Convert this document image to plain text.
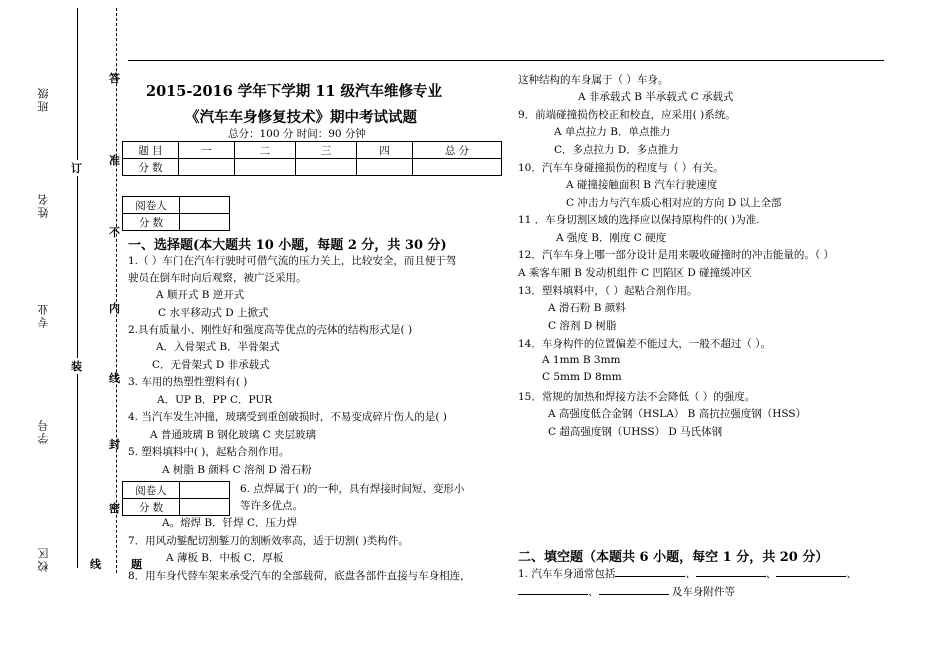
班级
姓名
专业
学号
校区
订
装
线
答
准
不
内
线
封
密
题
2015-2016 学年下学期 11 级汽车维修专业
《汽车车身修复技术》期中考试试题
总分：100 分 时间：90 分钟
题 目	一	二	三	四	总 分
分 数					
阅卷人	
分 数	
一、选择题(本大题共 10 小题，每题 2 分，共 30 分)
1.（ ）车门在汽车行驶时可借气流的压力关上，比较安全，而且便于驾
驶员在倒车时向后观察，被广泛采用。
A 顺开式 B 逆开式
C 水平移动式 D 上掀式
2.具有质量小、刚性好和强度高等优点的壳体的结构形式是( )
A．入骨架式 B．半骨架式
C．无骨架式 D 非承载式
3. 车用的热塑性塑料有( )
A．UP B．PP C．PUR
4. 当汽车发生冲撞，玻璃受到重创破损时，不易变成碎片伤人的是( )
A 普通玻璃 B 钢化玻璃 C 夹层玻璃
5. 塑料填料中( )，起粘合剂作用。
A 树脂 B 颜料 C 溶剂 D 滑石粉
阅卷人	
分 数	
6. 点焊属于( )的一种，具有焊接时间短、变形小
等许多优点。
A。熔焊 B．钎焊 C．压力焊
7．用风动錾配切割錾刀的割断效率高，适于切割( )类构件。
A 薄板 B．中板 C．厚板
8．用车身代替车架来承受汽车的全部载荷，底盘各部件直接与车身相连，
这种结构的车身属于（ ）车身。
A 非承载式 B 半承载式 C 承载式
9．前端碰撞损伤校正和校直，应采用( )系统。
A 单点拉力 B．单点推力
C．多点拉力 D．多点推力
10．汽车车身碰撞损伤的程度与（ ）有关。
A 碰撞接触面积 B 汽车行驶速度
C 冲击力与汽车质心相对应的方向 D 以上全部
11 ．车身切割区域的选择应以保持原构件的( )为准.
A 强度 B．刚度 C 硬度
12．汽车车身上哪一部分设计是用来吸收碰撞时的冲击能量的。（ ）
A 乘客车厢 B 发动机组件 C 凹陷区 D 碰撞缓冲区
13．塑料填料中，（ ）起粘合剂作用。
A 滑石粉 B 颜料
C 溶剂 D 树脂
14．车身构件的位置偏差不能过大，一般不超过（ ）。
A 1mm B 3mm
C 5mm D 8mm
15．常规的加热和焊接方法不会降低（ ）的强度。
A 高强度低合金钢（HSLA） B 高抗拉强度钢（HSS）
C 超高强度钢（UHSS） D 马氏体钢
二、填空题（本题共 6 小题，每空 1 分，共 20 分）
1. 汽车车身通常包括	、	、	、
、	及车身附件等
